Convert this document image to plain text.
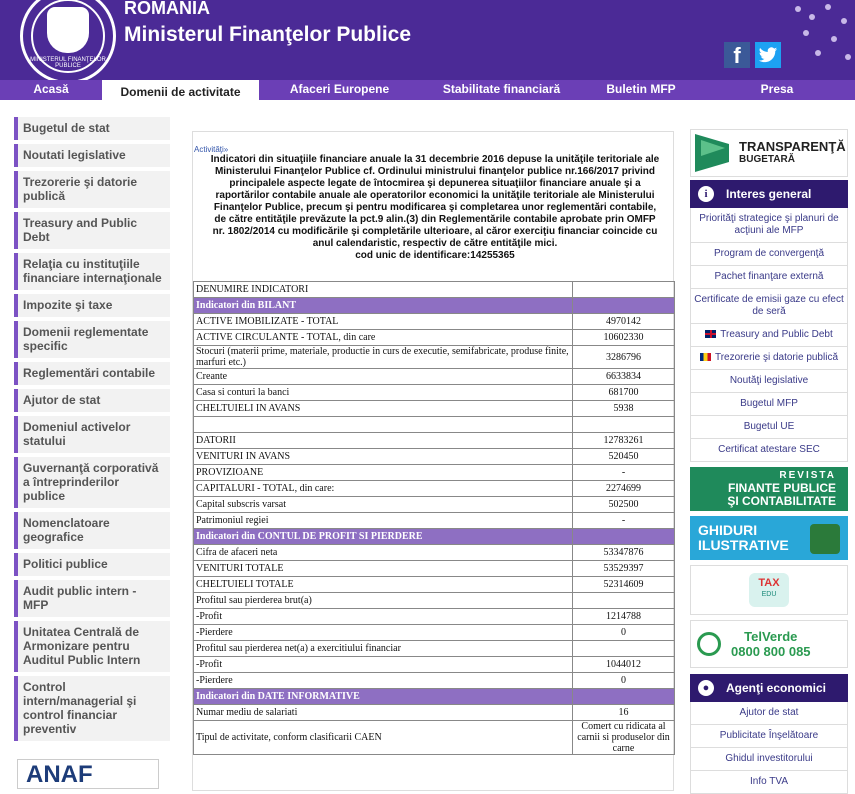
MINISTERUL FINANŢELOR PUBLICE
ROMANIA
Ministerul Finanţelor Publice
f
Acasă	Domenii de activitate	Afaceri Europene	Stabilitate financiară	Buletin MFP	Presa
Bugetul de stat
Noutati legislative
Trezorerie şi datorie publică
Treasury and Public Debt
Relaţia cu instituţiile financiare internaţionale
Impozite şi taxe
Domenii reglementate specific
Reglementări contabile
Ajutor de stat
Domeniul activelor statului
Guvernanţă corporativă a întreprinderilor publice
Nomenclatoare geografice
Politici publice
Audit public intern - MFP
Unitatea Centrală de Armonizare pentru Auditul Public Intern
Control intern/managerial şi control financiar preventiv
ANAF
Activităţi»
Indicatori din situaţiile financiare anuale la 31 decembrie 2016 depuse la unităţile teritoriale ale Ministerului Finanţelor Publice cf. Ordinului ministrului finanţelor publice nr.166/2017 privind principalele aspecte legate de întocmirea şi depunerea situaţiilor financiare anuale şi a raportărilor contabile anuale ale operatorilor economici la unităţile teritoriale ale Ministerului Finanţelor Publice, precum şi pentru modificarea şi completarea unor reglementări contabile, de către entităţile prevăzute la pct.9 alin.(3) din Reglementările contabile aprobate prin OMFP nr. 1802/2014 cu modificările şi completările ulterioare, al căror exerciţiu financiar coincide cu anul calendaristic, respectiv de către entităţile mici.
cod unic de identificare:14255365
DENUMIRE INDICATORI	
Indicatori din BILANT	
ACTIVE IMOBILIZATE - TOTAL	4970142
ACTIVE CIRCULANTE - TOTAL, din care	10602330
Stocuri (materii prime, materiale, productie in curs de executie, semifabricate, produse finite, marfuri etc.)	3286796
Creante	6633834
Casa si conturi la banci	681700
CHELTUIELI IN AVANS	5938

DATORII	12783261
VENITURI IN AVANS	520450
PROVIZIOANE	-
CAPITALURI - TOTAL, din care:	2274699
Capital subscris varsat	502500
Patrimoniul regiei	-
Indicatori din CONTUL DE PROFIT SI PIERDERE	
Cifra de afaceri neta	53347876
VENITURI TOTALE	53529397
CHELTUIELI TOTALE	52314609
Profitul sau pierderea brut(a)	
-Profit	1214788
-Pierdere	0
Profitul sau pierderea net(a) a exercitiului financiar	
-Profit	1044012
-Pierdere	0
Indicatori din DATE INFORMATIVE	
Numar mediu de salariati	16
Tipul de activitate, conform clasificarii CAEN	Comert cu ridicata al carnii si produselor din carne
TRANSPARENŢĂ
BUGETARĂ
i	Interes general
Priorităţi strategice şi planuri de acţiuni ale MFP
Program de convergenţă
Pachet finanţare externă
Certificate de emisii gaze cu efect de seră
Treasury and Public Debt
Trezorerie şi datorie publică
Noutăţi legislative
Bugetul MFP
Bugetul UE
Certificat atestare SEC
REVISTA
FINANTE PUBLICE
ŞI CONTABILITATE
GHIDURI
ILUSTRATIVE
TAX
EDU
TelVerde
0800 800 085
●	Agenţi economici
Ajutor de stat
Publicitate Înşelătoare
Ghidul investitorului
Info TVA
